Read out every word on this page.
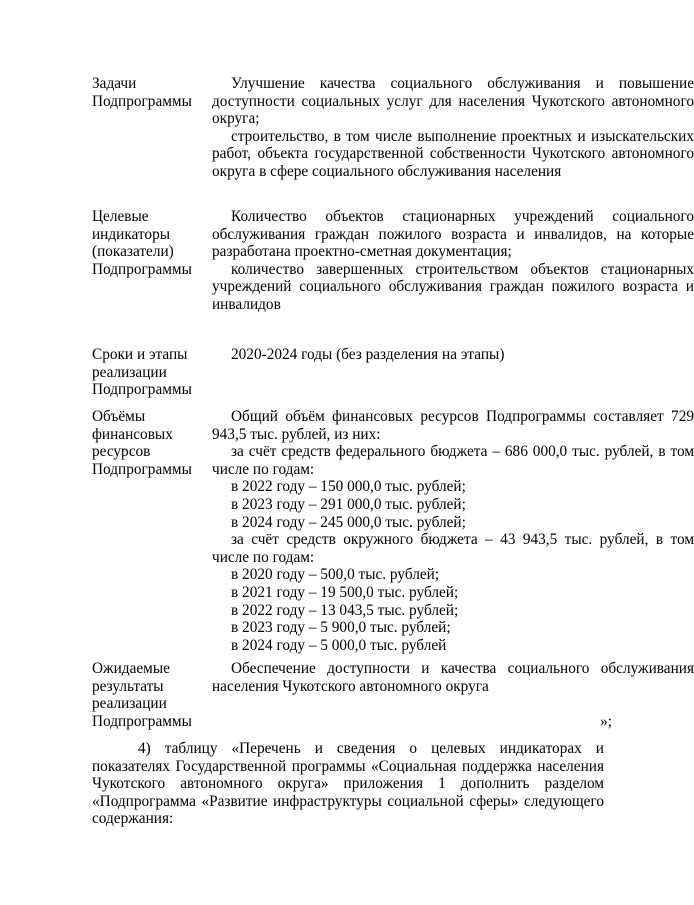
Задачи
Подпрограммы
Улучшение качества социального обслуживания и повышение доступности социальных услуг для населения Чукотского автономного округа;
строительство, в том числе выполнение проектных и изыскательских работ, объекта государственной собственности Чукотского автономного округа в сфере социального обслуживания населения
Целевые
индикаторы
(показатели)
Подпрограммы
Количество объектов стационарных учреждений социального обслуживания граждан пожилого возраста и инвалидов, на которые разработана проектно-сметная документация;
количество завершенных строительством объектов стационарных учреждений социального обслуживания граждан пожилого возраста и инвалидов
Сроки и этапы
реализации
Подпрограммы
2020-2024 годы (без разделения на этапы)
Объёмы
финансовых
ресурсов
Подпрограммы
Общий объём финансовых ресурсов Подпрограммы составляет 729 943,5 тыс. рублей, из них:
за счёт средств федерального бюджета – 686 000,0 тыс. рублей, в том числе по годам:
в 2022 году – 150 000,0 тыс. рублей;
в 2023 году – 291 000,0 тыс. рублей;
в 2024 году – 245 000,0 тыс. рублей;
за счёт средств окружного бюджета – 43 943,5 тыс. рублей, в том числе по годам:
в 2020 году – 500,0 тыс. рублей;
в 2021 году – 19 500,0 тыс. рублей;
в 2022 году – 13 043,5 тыс. рублей;
в 2023 году – 5 900,0 тыс. рублей;
в 2024 году – 5 000,0 тыс. рублей
Ожидаемые
результаты
реализации
Подпрограммы
Обеспечение доступности и качества социального обслуживания населения Чукотского автономного округа
»;
4) таблицу «Перечень и сведения о целевых индикаторах и показателях Государственной программы «Социальная поддержка населения Чукотского автономного округа» приложения 1 дополнить разделом «Подпрограмма «Развитие инфраструктуры социальной сферы» следующего содержания:
